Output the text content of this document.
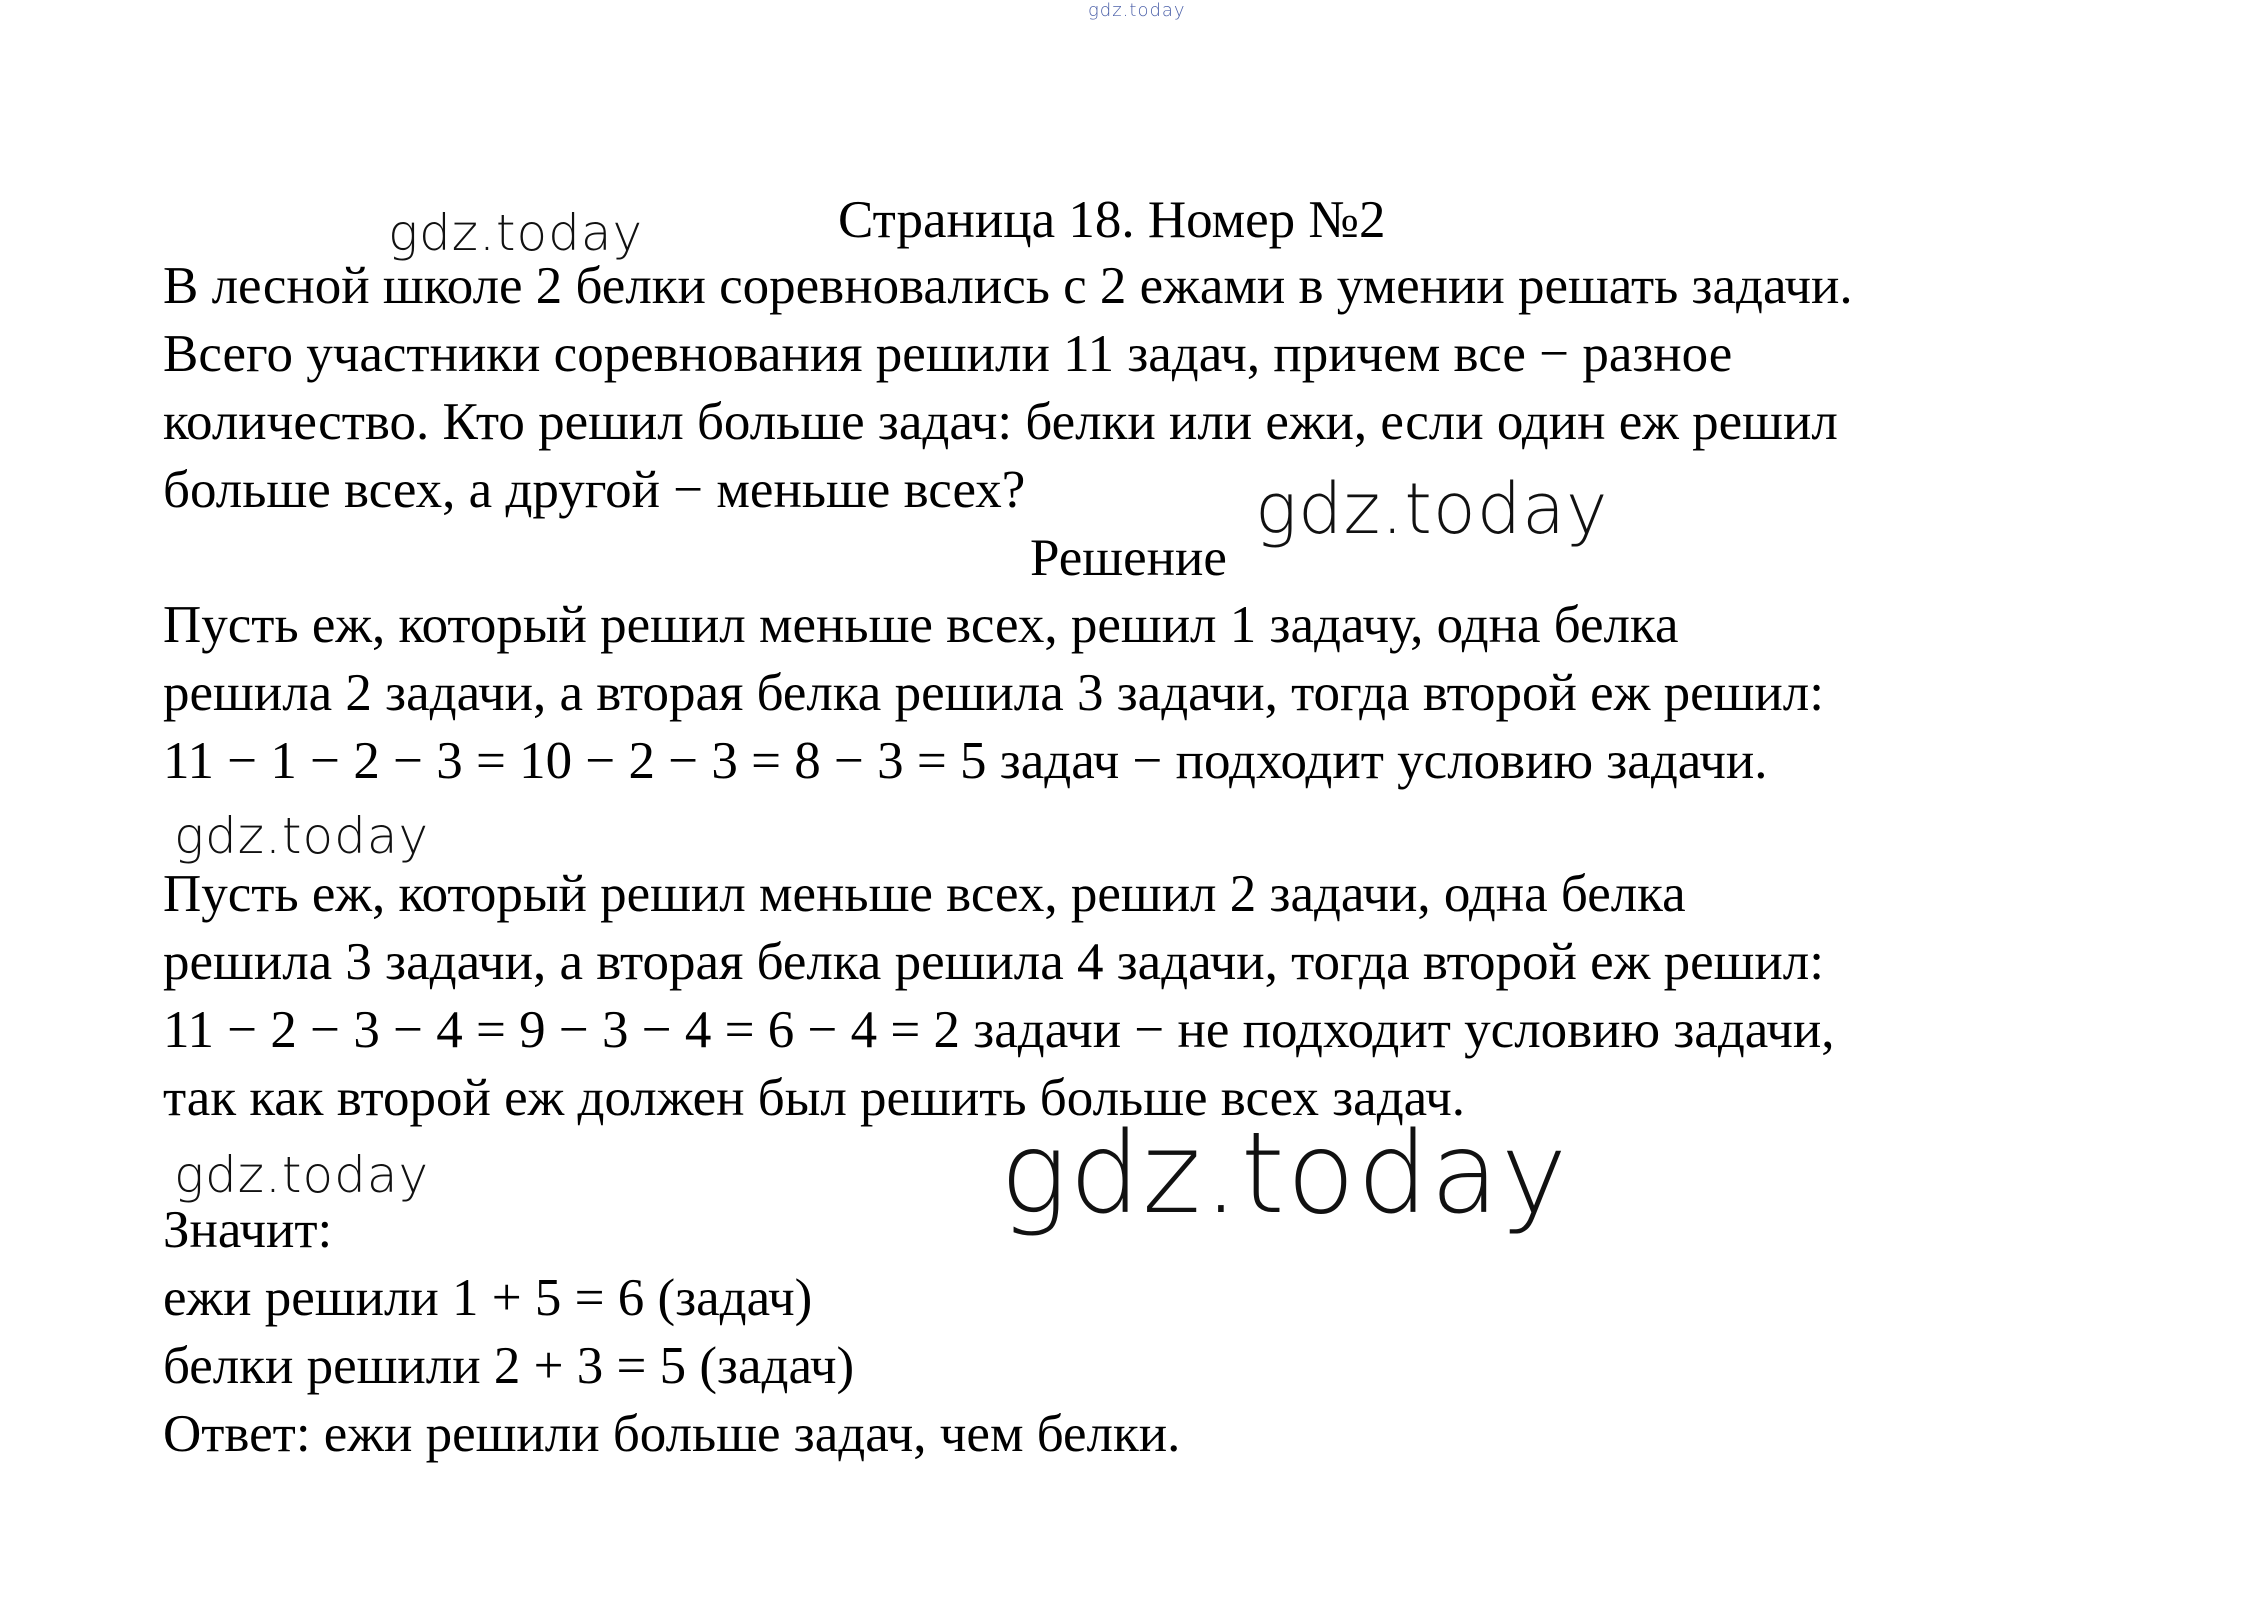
gdz.today
gdz.today
gdz.today
gdz.today
gdz.today	gdz.today
Страница 18. Номер №2
В лесной школе 2 белки соревновались с 2 ежами в умении решать задачи.
Всего участники соревнования решили 11 задач, причем все − разное
количество. Кто решил больше задач: белки или ежи, если один еж решил
больше всех, а другой − меньше всех?
Решение
Пусть еж, который решил меньше всех, решил 1 задачу, одна белка
решила 2 задачи, а вторая белка решила 3 задачи, тогда второй еж решил:
11 − 1 − 2 − 3 = 10 − 2 − 3 = 8 − 3 = 5 задач − подходит условию задачи.
Пусть еж, который решил меньше всех, решил 2 задачи, одна белка
решила 3 задачи, а вторая белка решила 4 задачи, тогда второй еж решил:
11 − 2 − 3 − 4 = 9 − 3 − 4 = 6 − 4 = 2 задачи − не подходит условию задачи,
так как второй еж должен был решить больше всех задач.
Значит:
ежи решили 1 + 5 = 6 (задач)
белки решили 2 + 3 = 5 (задач)
Ответ: ежи решили больше задач, чем белки.
